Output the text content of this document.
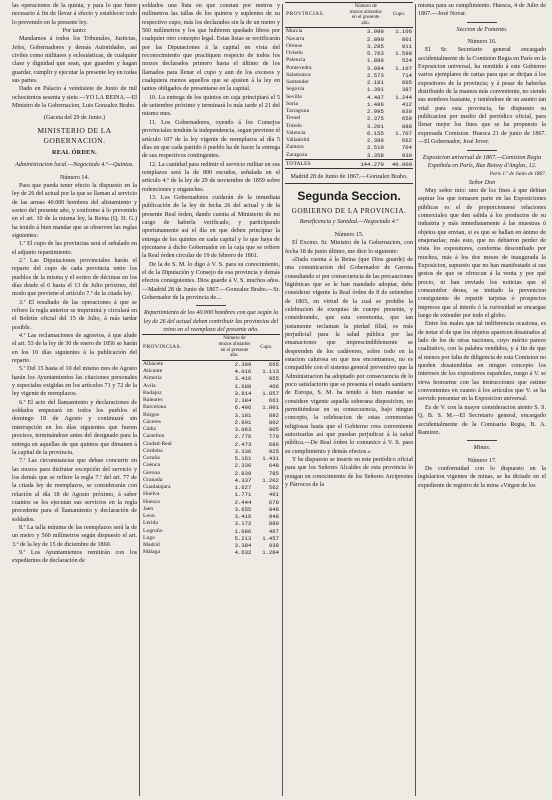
las operaciones de la quinta, y para lo que fuere necesario á fin de llevar á efecto y establecer todo lo prevenido en la presente ley.

Por tanto:

Mandamos á todos los Tribunales, Justicias, Jefes, Gobernadores y demás Autoridades, así civiles como militares y eclesiásticas, de cualquier clase y dignidad que sean, que guarden y hagan guardar, cumplir y ejecutar la presente ley en todas sus partes.

Dado en Palacio á veintisiete de Junio de mil ochocientos sesenta y siete.—YO LA REINA.—El Ministro de la Gobernacion, Luis Gonzalez Brabo.

(Gaceta del 29 de Junio.)

MINISTERIO DE LA GOBERNACION.

REAL ÓRDEN.

Administracion local.—Negociado 4.º—Quintas.

Número 14.

Para que pueda tener efecto la dispuesto en la ley de 26 del actual por la que se llaman al servicio de las armas 40.000 hombres del alistamiento y sorteo del presente año, y conforme á lo prevenido en el art. 10 de la misma ley, la Reina (Q. D. G.) ha tenido á bien mandar que se observen las reglas siguientes:

1.ª El cupo de las provincias será el señalado en el adjunto repartimiento.

2.ª Las Diputaciones provinciales harán el reparto del cupo de cada provincia entre los pueblos de la misma y el sorteo de décimas en los días desde el 6 hasta el 13 de Julio próximo, del modo que previene el artículo 7.º de la citada ley.

3.ª El resultado de las operaciones á que se refiere la regla anterior se imprimirá y circulará en el Boletín oficial del 15 de Julio, á más tardar posible.

4.ª Las reclamaciones de agravios, á que alude el art. 53 de la ley de 30 de enero de 1856 se harán en los 10 días siguientes á la publicación del reparto.

5.ª Del 15 hasta el 10 del mismo mes de Agosto harán los Ayuntamientos las citaciones personales y especiales exigidas en los artículos 71 y 72 de la ley vigente de reemplazos.

6.ª El acto del llamamiento y declaraciones de soldados empezará en todos los pueblos el domingo 18 de Agosto y continuará sin interrupción en los días siguientes que fueren precisos, terminándose antes del designado para la entrega en aquellas de que quintos que dimanen á la capital de la provincia.

7.ª Las circunstancias que deban concurrir en las mozos para disfrutar excepción del servicio y los demás que se refiere la regla 7.ª del art. 77 de la citada ley de reemplazos, se considerarán con relación al día 18 de Agosto próximo, á saber cuantos se les ejecutan sus servicios en la regla precedente para el llamamiento y declaración de soldados.

8.ª La talla mínima de las reemplazos será la de un metro y 560 milímetros según dispuesto el art. 3.º de la ley de 15 de diciembre de 1860.

9.ª Los Ayuntamientos remitirán con los expedientes de declaración de

soldados una lista en que constan por metros y milímetros las tallas de los quintos y suplentes de su respectivo cupo, más los declarados sin la de un metro y 560 milímetros y los que hubieren quedado libres por cualquier otro concepto legal. Estas listas se rectificarán por las Diputaciones á la capital en vista del reconocimiento que practiquen respecto de todos los mozos declarados primero hasta el último de los llamados para llenar el cupo y aun de los excesos y cualquiera menos aquellos que se ajusten á la ley en tantos obligados de presentarse en la capital.

10. La entrega de los quintos en caja principiará el 5 de setiembre próximo y terminará lo más tarde el 21 del mismo mes.

11. Los Gobernadores, oyendo á los Consejos provinciales tendrán la independencia, segun previene el artículo 107 de la ley vigente de reemplazos al día 5 días en que cada partido ó pueblo ha de hacer la entrega de sus respectivos contingentes.

12. La cantidad para redimir el servicio militar en sus remplazos será la de 800 escudos, señalada en el artículo 4.º de la ley de 29 de noviembre de 1859 sobre redenciones y enganches.

13. Los Gobernadores cuidarán de la inmediata publicación de la ley de fecha 26 del actual y de la presente Real órden, dando cuenta al Ministerio de mi cargo de haberla verificado, y participando oportunamente así el día en que deben principiar la entrega de los quintos en cada capital y lo que haya de ejecutarse á dicho Gobernador en la caja que se refiere la Real órden circular de 19 de febrero de 1861.

De la de S. M. lo digo á V. S. para su conocimiento, el de la Diputación y Consejo de esa provincia y demás efectos consiguientes. Dios guarde á V. S. muchos años.—Madrid 28 de Junio de 1867.—Gonzalez Brabo.—Sr. Gobernador de la provincia de....

Repartimiento de los 40.000 hombres con que según la ley de 26 del actual deben contribuir las provincias del reino en el reemplazo del presente año.

PROVINCIAS.	Número de mozos alistados en el presente año.	Cupo.
Albacete	2.399	665
Alicante	4.016	1.113
Almería	3.416	955
Ávila	1.680	466
Badajoz	3.814	1.057
Baleares	2.384	661
Barcelona	6.496	1.801
Búrgos	3.181	882
Cáceres	2.891	802
Cádiz	3.063	905
Castellon	2.776	770
Ciudad-Real	2.473	686
Córdoba	3.336	925
Coruña	5.161	1.431
Cuenca	2.336	648
Gerona	2.839	785
Granada	4.337	1.202
Guadalajara	1.627	562
Huelva	1.771	491
Huesca	2.444	678
Jaen	3.655	948
Leon	3.416	948
Lérida	3.172	880
Logroño	1.686	467
Lugo	5.213	1.457
Madrid	3.384	938
Málaga	4.632	1.284
PROVINCIAS.	Número de mozos alistados en el presente año.	Cupo.
Murcia	3.990	1.106
Navarra	2.890	801
Orense	3.285	911
Oviedo	5.763	1.598
Palencia	1.889	524
Pontevedra	3.984	1.107
Salamanca	2.573	714
Santander	2.181	605
Segovia	1.391	387
Sevilla	4.487	1.244
Soria	1.486	412
Tarragona	2.995	830
Teruel	2.375	659
Toledo	3.201	888
Valencia	6.155	1.707
Valladolid	2.389	662
Zamora	2.510	704
Zaragoza	3.358	930
TOTALES	144.270	40.000

Madrid 28 de Junio de 1867.—Gonzalez Brabo.

Segunda Seccion.
GOBIERNO DE LA PROVINCIA.

Beneficencia y Sanidad.—Negociado 4.º

Número 15.

El Excmo. Sr. Ministro de la Gobernacion, con fecha 18 de junio último, me dice lo siguiente:

«Dada cuenta á la Reina (que Dios guarde) de una comunicacion del Gobernador de Gerona consultando si por consecuencia de las precauciones higiénicas que se le han mandado adoptar, debe considerar vigente la Real órden de 8 de setiembre de 1865, en virtud de la cual se prohibe la celebracion de exequias de cuerpo presente, y considerando, que esta ceremonia, que tan justamente reclaman la piedad filial, es más perjudicial para la salud pública por las emanaciones que imprescindiblemente se desprenden de los cadáveres, sobre todo en la estacion calurosa en que nos encontramos, no es compatible con el sistema general preventivo que la Administracion ha adoptado por consecuencia de lo poco satisfactorio que se presenta el estado sanitario de Europa, S. M. ha tenido á bien mandar se considere vigente aquella soberana disposicion, no permitiéndose en su consecuencia, bajo ningun concepto, la celebracion de estas ceremonias religiosas hasta que el Gobierno crea conveniente autorizarlas así que puedan perjudicar á la salud pública.—De Real órden lo comunico á V. S. para su cumplimiento y demás efectos.»

Y he dispuesto se inserte en este periódico oficial para que los Señores Alcaldes de esta provincia lo pongan en conocimiento de los Señores Arciprestes y Párrocos de la

misma para su cumplimiento. Huesca, 4 de Julio de 1867.—José Novar.

Seccion de Fomento.

Número 16.

El Sr. Secretario general encargado accidentalmente de la Comision Regia en París en la Exposicion universal, ha remitido á este Gobierno varios ejemplares de cartas para que se dirijan á los expositores de la provincia; y á pesar de haberlas distribuido de la manera más conveniente, no siendo sus nombres bastante, y teniéndose de un asunto tan vital para esta provincia, he dispuesto su publicacion por medio del periódico oficial, para llenar mejor los fines que se ha propuesto la expresada Comision. Huesca 21 de junio de 1867.—El Gobernador, José Jover.

Exposicion universal de 1867.—Comision Regia Española en París, Rue Boissy d'Anglas, 12.

París 1.º de Junio de 1867.

Señor Don

Muy señor mio: uno de los fines á que debian aspirar los que tomasen parte en las Exposiciones públicas es el de proporcionarse relaciones comerciales que den salida á los productos de su industria y más inmediatamente á las muestras ú objetos que envian, si es que se hallan en ánimo de enajenarlas; más esto, que no debieron perder de vista los expositores, conforma desconfiado por muchos, más á los dos meses de inaugurada la Exposicion, supuesto que no han manifestado si sus gestos de que se ofrezcan á la venta y por qué precio, ni han enviado los noticias que el consumidor desea, se imitado la prevencion consiguiente de repartir tarjetas ó prospectos impresos que al interés ó la curiosidad se encargue luego de extender por todo el globo.

Entre los males que tal indiferencia ocasiona, es de notar el de que los objetos aparecen desairados al lado de los de otras naciones, cuyo mérito parece cualitativo, con la palabra vendidos, y á fin de que al menos por falta de diligencia de esta Comision no queden desatendidas en ningun concepto los intereses de los expositores españoles, ruego á V. se sirva honrarme con las instrucciones que estime convenientes en cuanto á los artículos que V. se ha servido presentar en la Exposicion universal.

Es de V. con la mayor consideracion atento S. S. Q. B. S. M.—El Secretario general, encargado accidentalmente de la Comisaría Regia, B. A. Ramirez.

Minas.

Número 17.

De conformidad con lo dispuesto en la legislacion vigentes de minas, se ha dictado en el expediente de registro de la mina «Virgen de los
